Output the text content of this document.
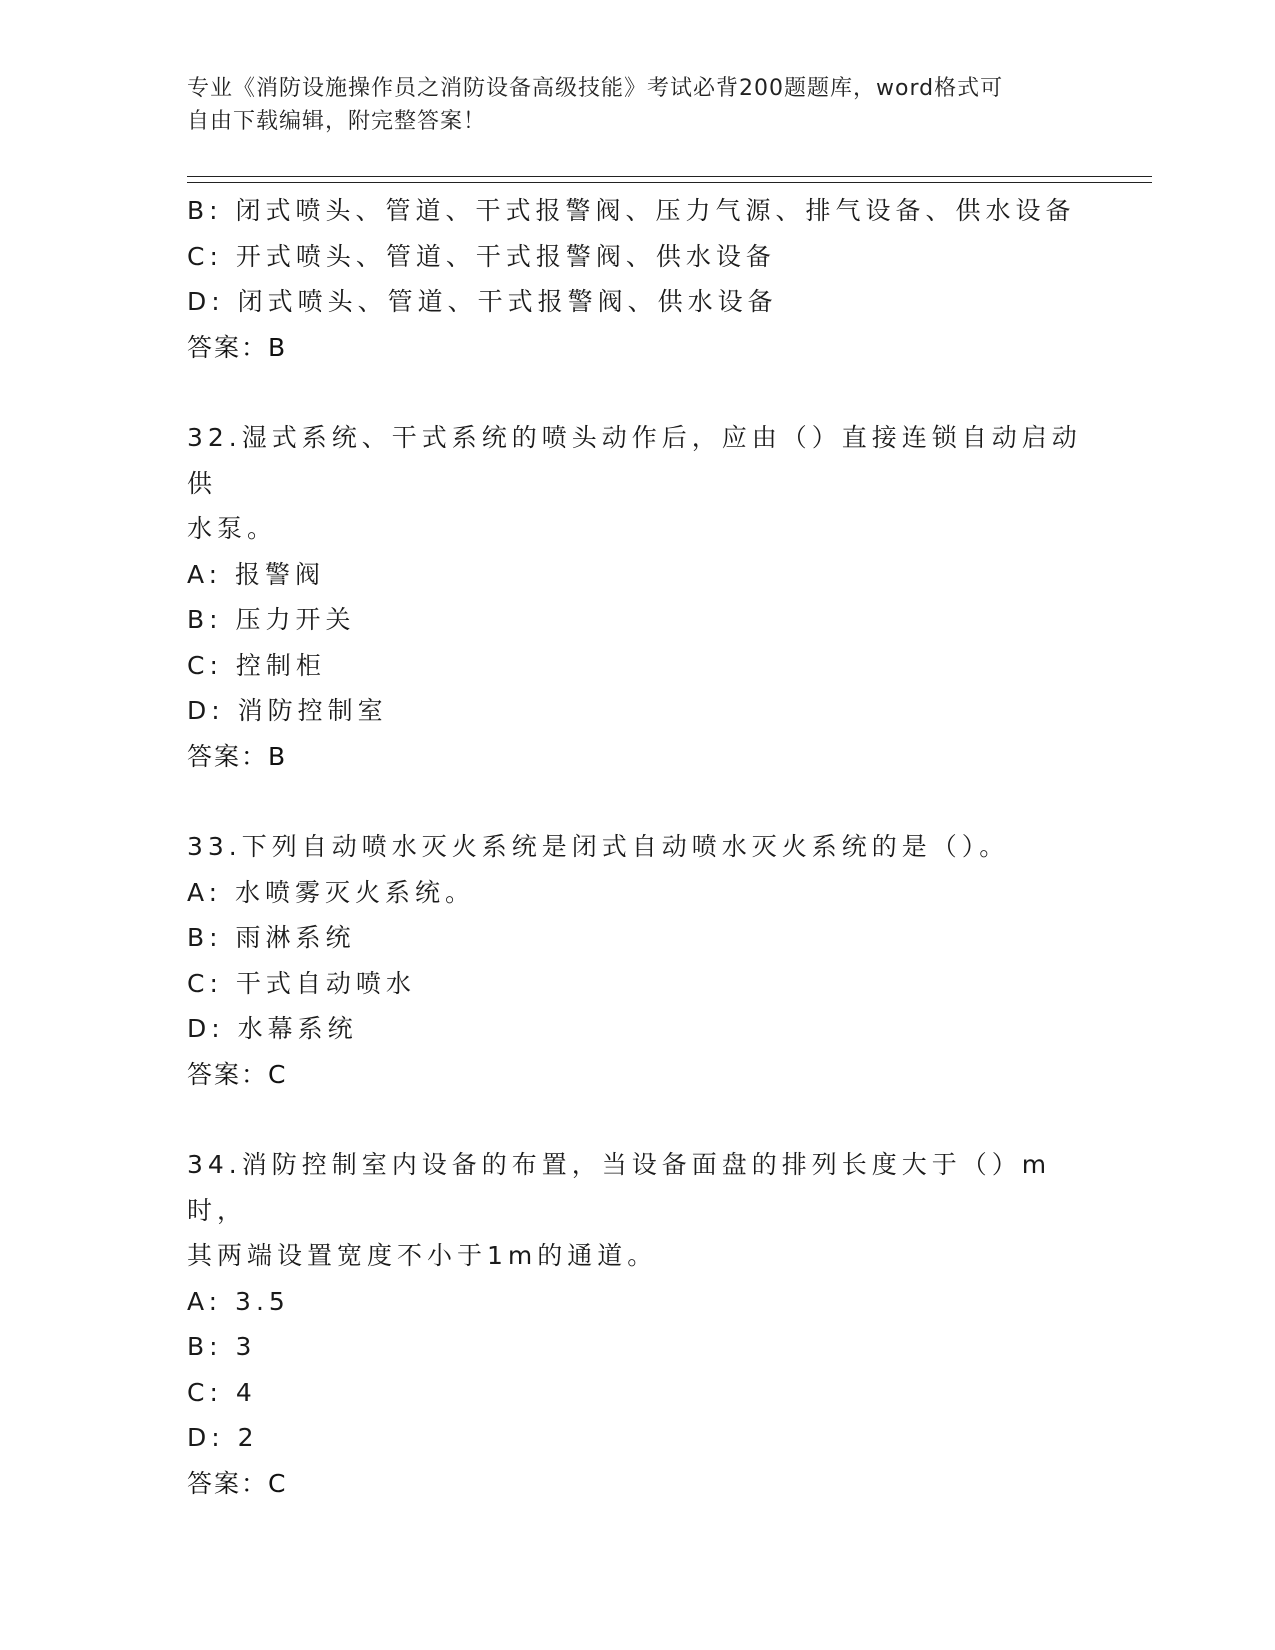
专业《消防设施操作员之消防设备高级技能》考试必背200题题库，word格式可
自由下载编辑，附完整答案！
B: 闭式喷头、管道、干式报警阀、压力气源、排气设备、供水设备
C: 开式喷头、管道、干式报警阀、供水设备
D: 闭式喷头、管道、干式报警阀、供水设备
答案：B
32.湿式系统、干式系统的喷头动作后，应由（）直接连锁自动启动供
水泵。
A: 报警阀
B: 压力开关
C: 控制柜
D: 消防控制室
答案：B
33.下列自动喷水灭火系统是闭式自动喷水灭火系统的是（）。
A: 水喷雾灭火系统。
B: 雨淋系统
C: 干式自动喷水
D: 水幕系统
答案：C
34.消防控制室内设备的布置，当设备面盘的排列长度大于（）m时，
其两端设置宽度不小于1m的通道。
A: 3.5
B: 3
C: 4
D: 2
答案：C
